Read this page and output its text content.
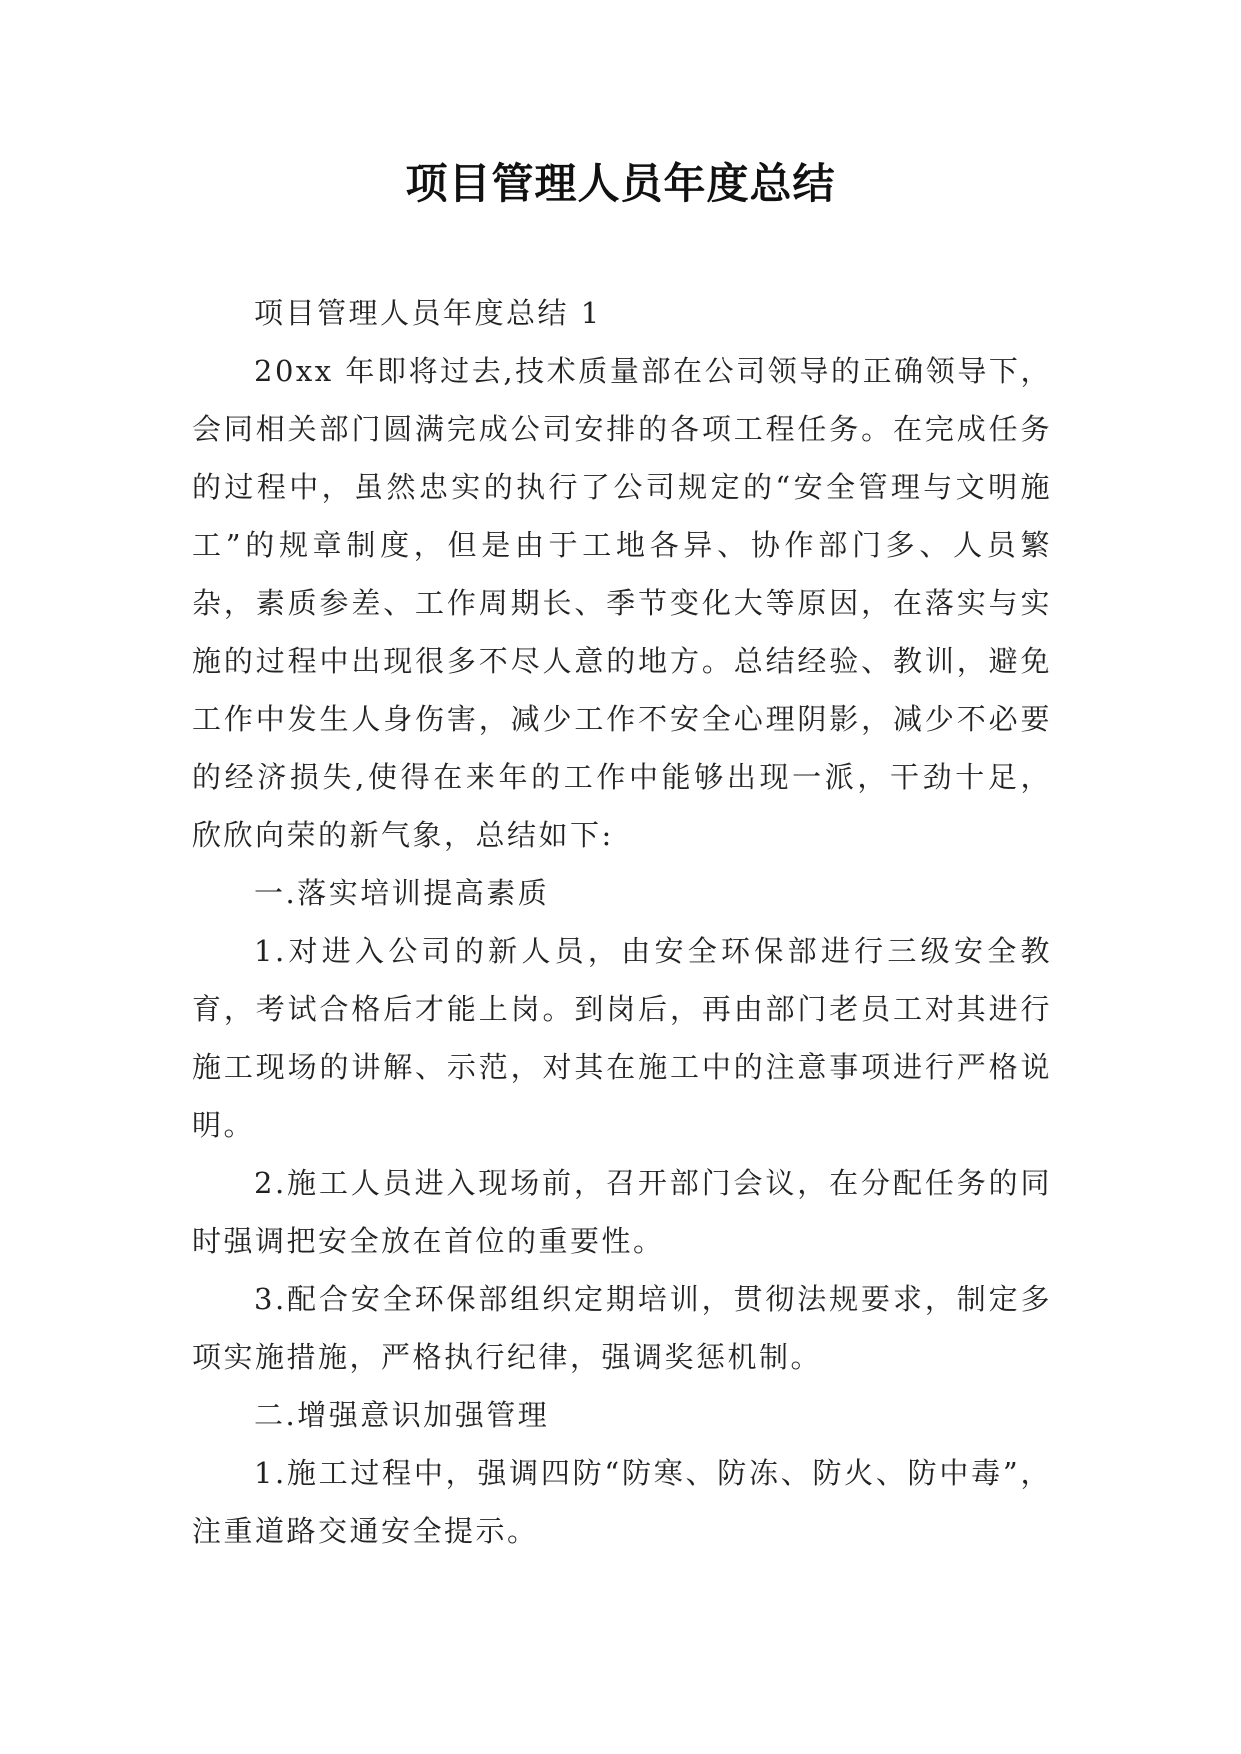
项目管理人员年度总结

项目管理人员年度总结 1

20xx 年即将过去,技术质量部在公司领导的正确领导下，会同相关部门圆满完成公司安排的各项工程任务。在完成任务的过程中，虽然忠实的执行了公司规定的“安全管理与文明施工”的规章制度，但是由于工地各异、协作部门多、人员繁杂，素质参差、工作周期长、季节变化大等原因，在落实与实施的过程中出现很多不尽人意的地方。总结经验、教训，避免工作中发生人身伤害，减少工作不安全心理阴影，减少不必要的经济损失,使得在来年的工作中能够出现一派，干劲十足，欣欣向荣的新气象，总结如下:

一.落实培训提高素质

1.对进入公司的新人员，由安全环保部进行三级安全教育，考试合格后才能上岗。到岗后，再由部门老员工对其进行施工现场的讲解、示范，对其在施工中的注意事项进行严格说明。

2.施工人员进入现场前，召开部门会议，在分配任务的同时强调把安全放在首位的重要性。

3.配合安全环保部组织定期培训，贯彻法规要求，制定多项实施措施，严格执行纪律，强调奖惩机制。

二.增强意识加强管理

1.施工过程中，强调四防“防寒、防冻、防火、防中毒”，注重道路交通安全提示。
